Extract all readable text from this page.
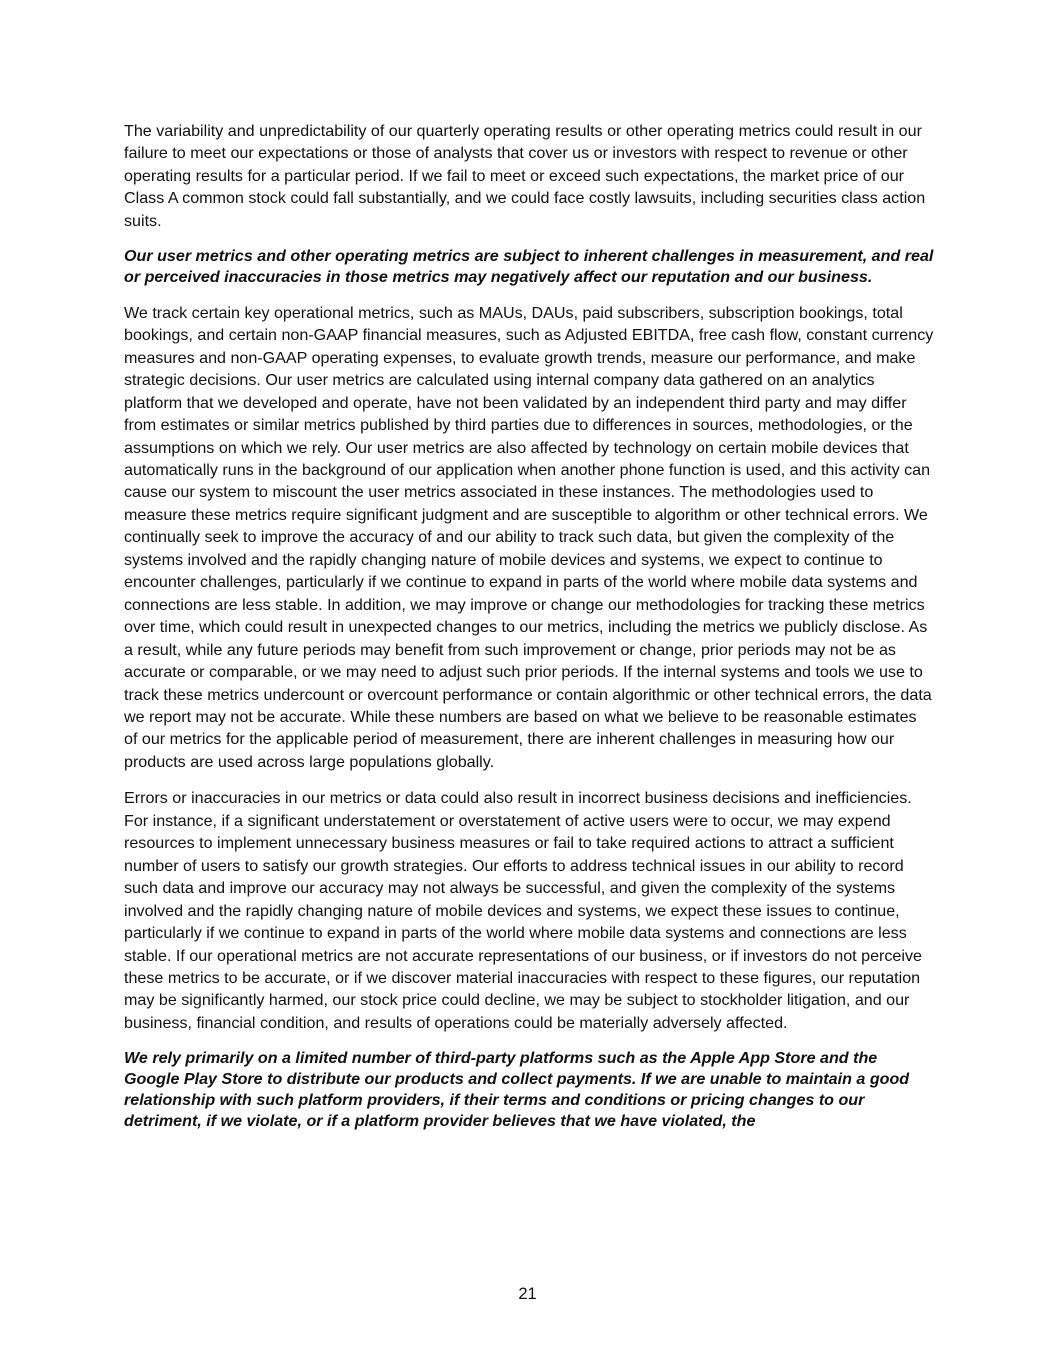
The variability and unpredictability of our quarterly operating results or other operating metrics could result in our failure to meet our expectations or those of analysts that cover us or investors with respect to revenue or other operating results for a particular period. If we fail to meet or exceed such expectations, the market price of our Class A common stock could fall substantially, and we could face costly lawsuits, including securities class action suits.

Our user metrics and other operating metrics are subject to inherent challenges in measurement, and real or perceived inaccuracies in those metrics may negatively affect our reputation and our business.

We track certain key operational metrics, such as MAUs, DAUs, paid subscribers, subscription bookings, total bookings, and certain non-GAAP financial measures, such as Adjusted EBITDA, free cash flow, constant currency measures and non-GAAP operating expenses, to evaluate growth trends, measure our performance, and make strategic decisions. Our user metrics are calculated using internal company data gathered on an analytics platform that we developed and operate, have not been validated by an independent third party and may differ from estimates or similar metrics published by third parties due to differences in sources, methodologies, or the assumptions on which we rely. Our user metrics are also affected by technology on certain mobile devices that automatically runs in the background of our application when another phone function is used, and this activity can cause our system to miscount the user metrics associated in these instances. The methodologies used to measure these metrics require significant judgment and are susceptible to algorithm or other technical errors. We continually seek to improve the accuracy of and our ability to track such data, but given the complexity of the systems involved and the rapidly changing nature of mobile devices and systems, we expect to continue to encounter challenges, particularly if we continue to expand in parts of the world where mobile data systems and connections are less stable. In addition, we may improve or change our methodologies for tracking these metrics over time, which could result in unexpected changes to our metrics, including the metrics we publicly disclose. As a result, while any future periods may benefit from such improvement or change, prior periods may not be as accurate or comparable, or we may need to adjust such prior periods. If the internal systems and tools we use to track these metrics undercount or overcount performance or contain algorithmic or other technical errors, the data we report may not be accurate. While these numbers are based on what we believe to be reasonable estimates of our metrics for the applicable period of measurement, there are inherent challenges in measuring how our products are used across large populations globally.

Errors or inaccuracies in our metrics or data could also result in incorrect business decisions and inefficiencies. For instance, if a significant understatement or overstatement of active users were to occur, we may expend resources to implement unnecessary business measures or fail to take required actions to attract a sufficient number of users to satisfy our growth strategies. Our efforts to address technical issues in our ability to record such data and improve our accuracy may not always be successful, and given the complexity of the systems involved and the rapidly changing nature of mobile devices and systems, we expect these issues to continue, particularly if we continue to expand in parts of the world where mobile data systems and connections are less stable. If our operational metrics are not accurate representations of our business, or if investors do not perceive these metrics to be accurate, or if we discover material inaccuracies with respect to these figures, our reputation may be significantly harmed, our stock price could decline, we may be subject to stockholder litigation, and our business, financial condition, and results of operations could be materially adversely affected.

We rely primarily on a limited number of third-party platforms such as the Apple App Store and the Google Play Store to distribute our products and collect payments. If we are unable to maintain a good relationship with such platform providers, if their terms and conditions or pricing changes to our detriment, if we violate, or if a platform provider believes that we have violated, the

21
